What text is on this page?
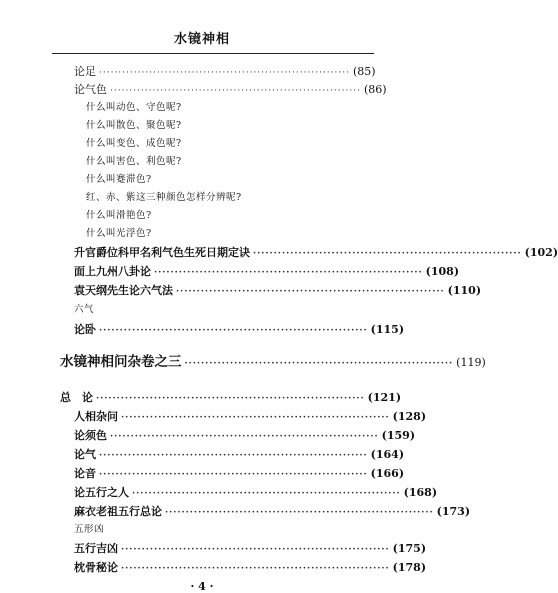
水镜神相
论足 ································································· (85)
论气色 ································································· (86)
什么叫动色、守色呢?
什么叫散色、聚色呢?
什么叫变色、成色呢?
什么叫害色、利色呢?
什么叫蹇滞色?
红、赤、紫这三种颜色怎样分辨呢?
什么叫滑艳色?
什么叫光浮色?
升官爵位科甲名利气色生死日期定诀 ································································· (102)
面上九州八卦论 ································································· (108)
袁天纲先生论六气法 ································································· (110)
六气
论卧 ································································· (115)
水镜神相问杂卷之三 ································································· (119)
总　论 ································································· (121)
人相杂问 ································································· (128)
论须色 ································································· (159)
论气 ································································· (164)
论音 ································································· (166)
论五行之人 ································································· (168)
麻衣老祖五行总论 ································································· (173)
五形凶
五行吉凶 ································································· (175)
枕骨秘论 ································································· (178)
· 4 ·
